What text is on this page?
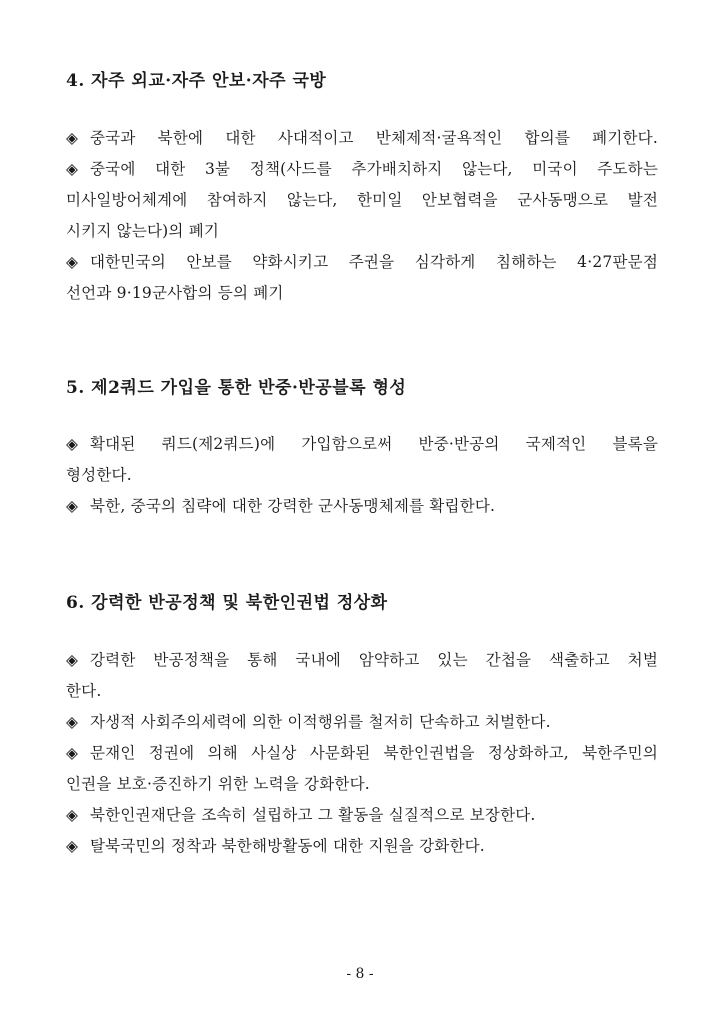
4. 자주 외교·자주 안보·자주 국방
◈ 중국과 북한에 대한 사대적이고 반체제적·굴욕적인 합의를 폐기한다.
◈ 중국에 대한 3불 정책(사드를 추가배치하지 않는다, 미국이 주도하는
미사일방어체계에 참여하지 않는다, 한미일 안보협력을 군사동맹으로 발전
시키지 않는다)의 폐기
◈ 대한민국의 안보를 약화시키고 주권을 심각하게 침해하는 4·27판문점
선언과 9·19군사합의 등의 폐기
5. 제2쿼드 가입을 통한 반중·반공블록 형성
◈ 확대된 쿼드(제2쿼드)에 가입함으로써 반중·반공의 국제적인 블록을
형성한다.
◈ 북한, 중국의 침략에 대한 강력한 군사동맹체제를 확립한다.
6. 강력한 반공정책 및 북한인권법 정상화
◈ 강력한 반공정책을 통해 국내에 암약하고 있는 간첩을 색출하고 처벌
한다.
◈ 자생적 사회주의세력에 의한 이적행위를 철저히 단속하고 처벌한다.
◈ 문재인 정권에 의해 사실상 사문화된 북한인권법을 정상화하고, 북한주민의
인권을 보호·증진하기 위한 노력을 강화한다.
◈ 북한인권재단을 조속히 설립하고 그 활동을 실질적으로 보장한다.
◈ 탈북국민의 정착과 북한해방활동에 대한 지원을 강화한다.
- 8 -
